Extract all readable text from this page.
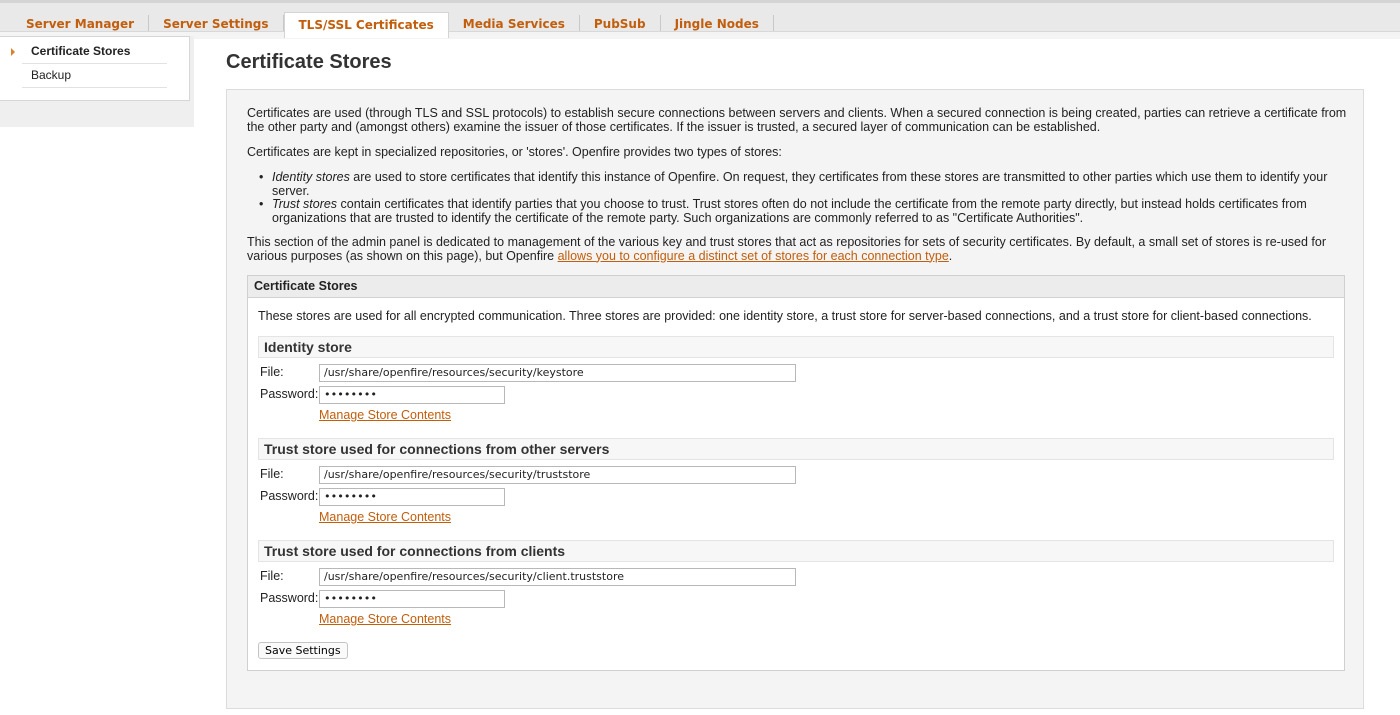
Server Manager	Server Settings	TLS/SSL Certificates	Media Services	PubSub	Jingle Nodes
Certificate Stores
Backup
Certificate Stores
Certificates are used (through TLS and SSL protocols) to establish secure connections between servers and clients. When a secured connection is being created, parties can retrieve a certificate from the other party and (amongst others) examine the issuer of those certificates. If the issuer is trusted, a secured layer of communication can be established.
Certificates are kept in specialized repositories, or 'stores'. Openfire provides two types of stores:
• Identity stores are used to store certificates that identify this instance of Openfire. On request, they certificates from these stores are transmitted to other parties which use them to identify your server.
• Trust stores contain certificates that identify parties that you choose to trust. Trust stores often do not include the certificate from the remote party directly, but instead holds certificates from organizations that are trusted to identify the certificate of the remote party. Such organizations are commonly referred to as "Certificate Authorities".
This section of the admin panel is dedicated to management of the various key and trust stores that act as repositories for sets of security certificates. By default, a small set of stores is re-used for various purposes (as shown on this page), but Openfire allows you to configure a distinct set of stores for each connection type.
Certificate Stores
These stores are used for all encrypted communication. Three stores are provided: one identity store, a trust store for server-based connections, and a trust store for client-based connections.
Identity store
File:	/usr/share/openfire/resources/security/keystore
Password: ••••••••
Manage Store Contents
Trust store used for connections from other servers
File:	/usr/share/openfire/resources/security/truststore
Password: ••••••••
Manage Store Contents
Trust store used for connections from clients
File:	/usr/share/openfire/resources/security/client.truststore
Password: ••••••••
Manage Store Contents
Save Settings
